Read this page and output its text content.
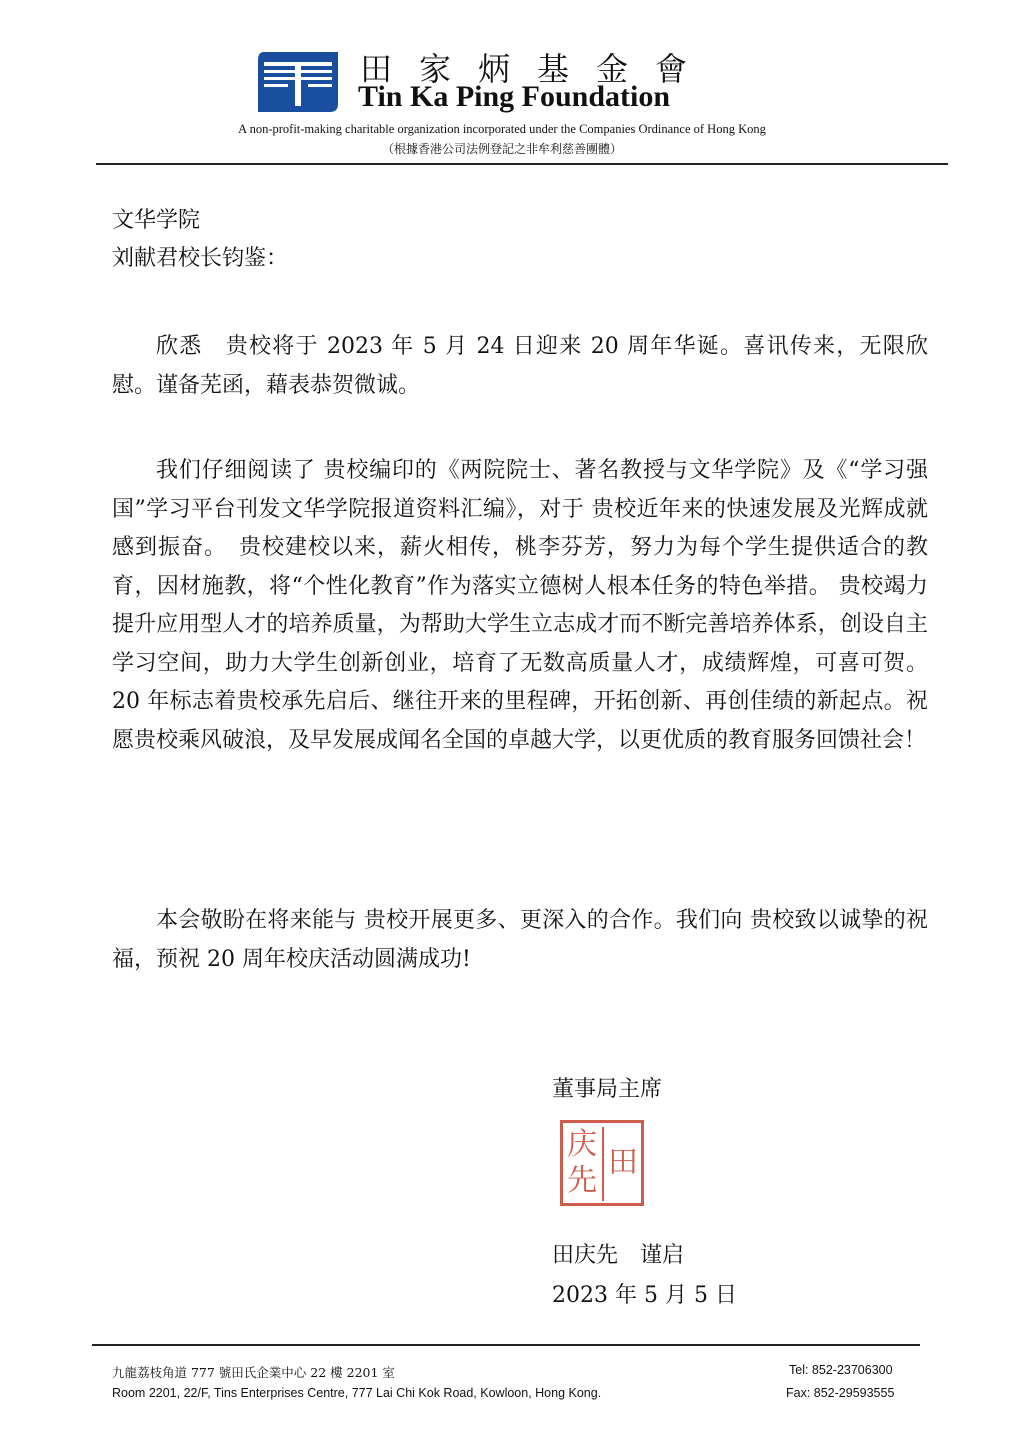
田家炳基金會
Tin Ka Ping Foundation
A non-profit-making charitable organization incorporated under the Companies Ordinance of Hong Kong
（根據香港公司法例登記之非牟利慈善團體）

文华学院

刘献君校长钧鉴：

欣悉　贵校将于 2023 年 5 月 24 日迎来 20 周年华诞。喜讯传来，无限欣慰。谨备芜函，藉表恭贺微诚。

我们仔细阅读了 贵校编印的《两院院士、著名教授与文华学院》及《“学习强国”学习平台刊发文华学院报道资料汇编》，对于 贵校近年来的快速发展及光辉成就感到振奋。　贵校建校以来，薪火相传，桃李芬芳，努力为每个学生提供适合的教育，因材施教，将“个性化教育”作为落实立德树人根本任务的特色举措。 贵校竭力提升应用型人才的培养质量，为帮助大学生立志成才而不断完善培养体系，创设自主学习空间，助力大学生创新创业，培育了无数高质量人才，成绩辉煌，可喜可贺。20 年标志着贵校承先启后、继往开来的里程碑，开拓创新、再创佳绩的新起点。祝愿贵校乘风破浪，及早发展成闻名全国的卓越大学，以更优质的教育服务回馈社会！

本会敬盼在将来能与 贵校开展更多、更深入的合作。我们向 贵校致以诚挚的祝福，预祝 20 周年校庆活动圆满成功!

董事局主席
庆
先
田
田庆先　谨启
2023 年 5 月 5 日
九龍荔枝角道 777 號田氏企業中心 22 樓 2201 室
Room 2201, 22/F, Tins Enterprises Centre, 777 Lai Chi Kok Road, Kowloon, Hong Kong.
Tel: 852-23706300
Fax: 852-29593555
